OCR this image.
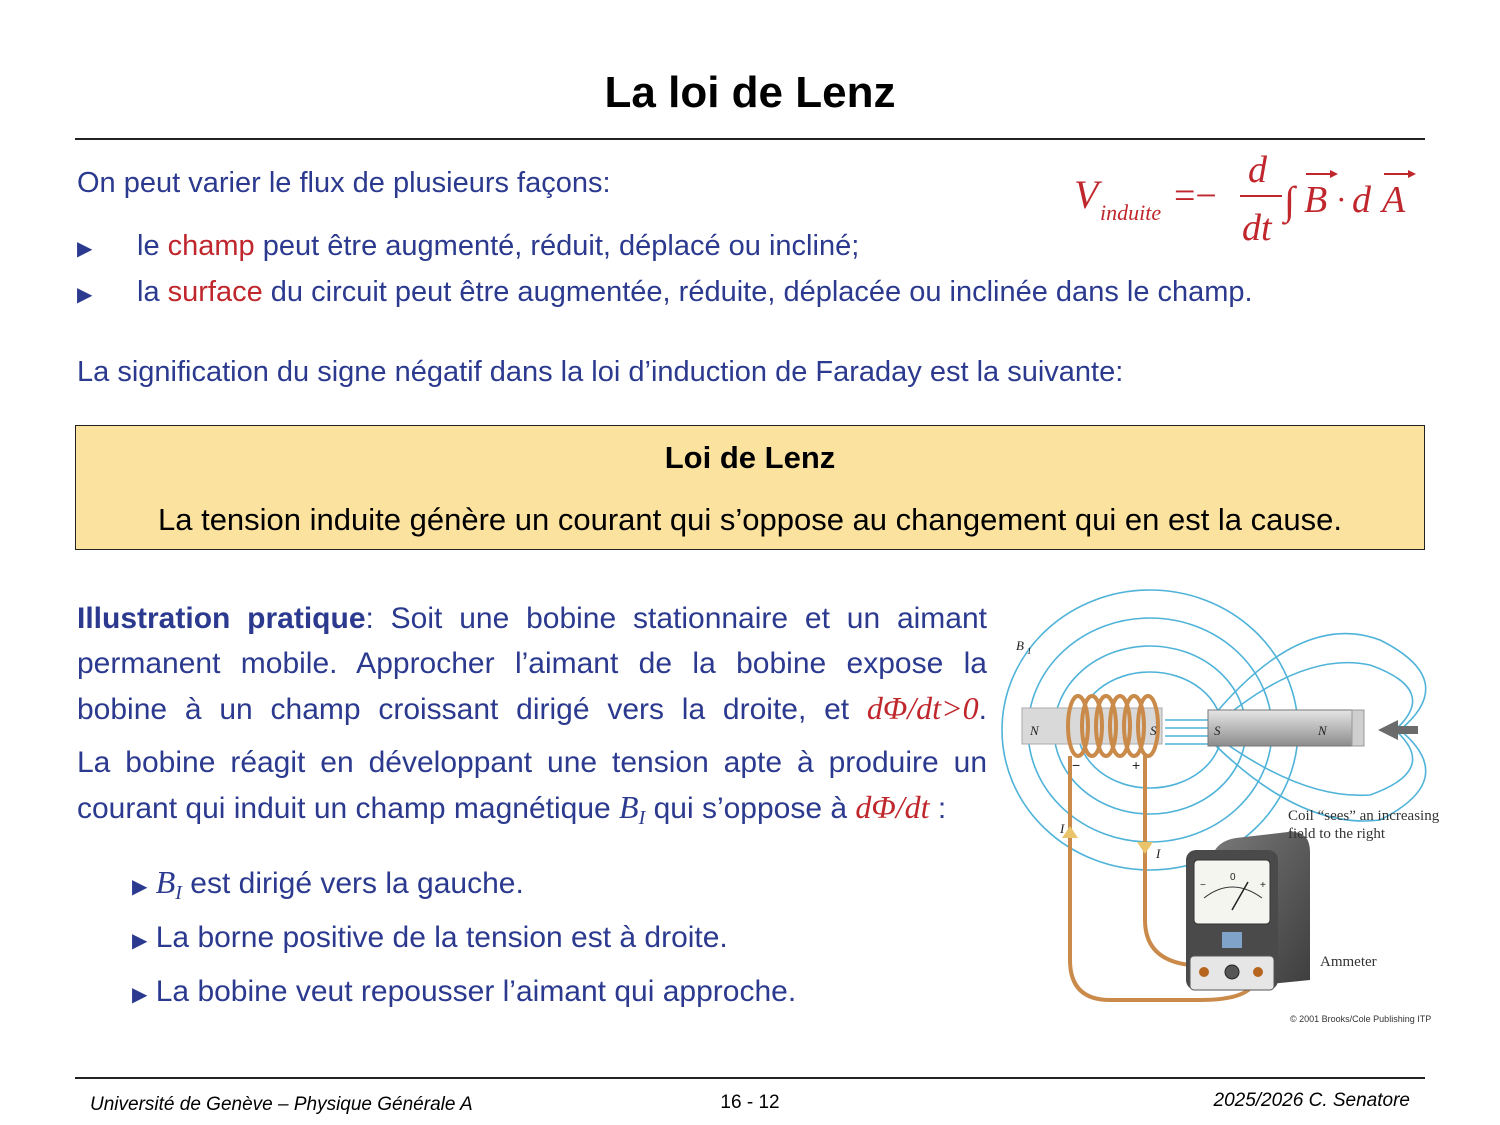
La loi de Lenz
On peut varier le flux de plusieurs façons:	V induite =−
d
dt
∫ B · d A
▶ le champ peut être augmenté, réduit, déplacé ou incliné;
▶ la surface du circuit peut être augmentée, réduite, déplacée ou inclinée dans le champ.
La signification du signe négatif dans la loi d’induction de Faraday est la suivante:
Loi de Lenz
La tension induite génère un courant qui s’oppose au changement qui en est la cause.
Illustration pratique: Soit une bobine stationnaire et un aimant permanent mobile. Approcher l’aimant de la bobine expose la bobine à un champ croissant dirigé vers la droite, et dΦ/dt>0.
La bobine réagit en développant une tension apte à produire un courant qui induit un champ magnétique $B_I$ qui s’oppose à dΦ/dt :
▶ $B_I$ est dirigé vers la gauche.
▶ La borne positive de la tension est à droite.
▶ La bobine veut repousser l’aimant qui approche.
B 1
N	S	S	N
I
I
−	+
0
−	+
Coil “sees” an increasing
field to the right
Ammeter
© 2001 Brooks/Cole Publishing ITP
Université de Genève – Physique Générale A	16 - 12	2025/2026 C. Senatore
